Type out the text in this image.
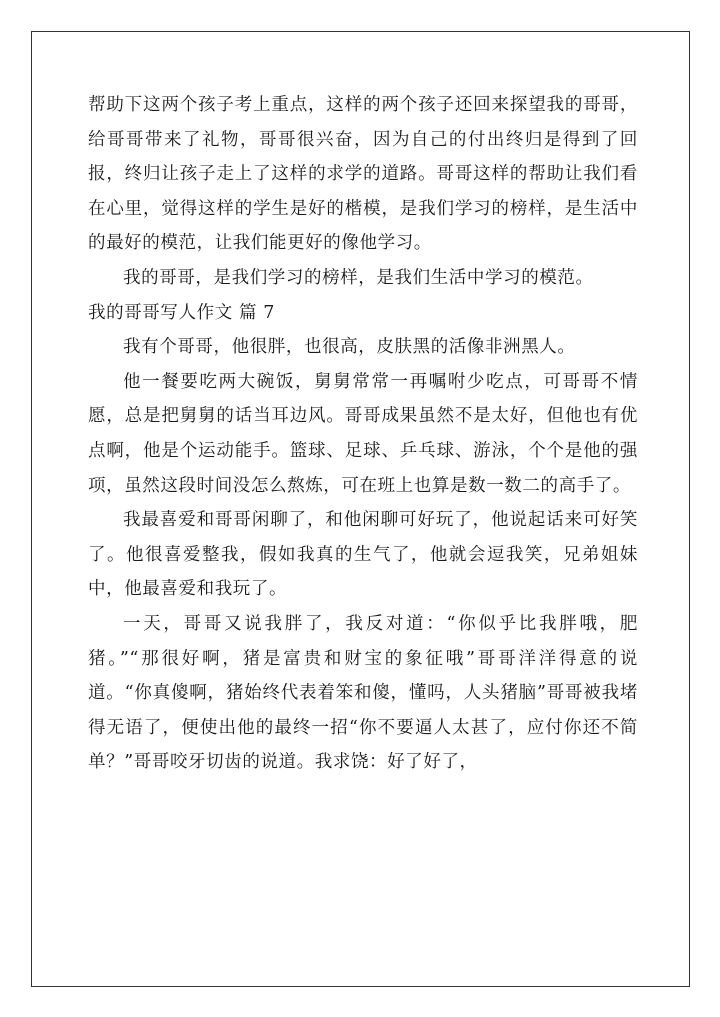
帮助下这两个孩子考上重点，这样的两个孩子还回来探望我的哥哥，给哥哥带来了礼物，哥哥很兴奋，因为自己的付出终归是得到了回报，终归让孩子走上了这样的求学的道路。哥哥这样的帮助让我们看在心里，觉得这样的学生是好的楷模，是我们学习的榜样，是生活中的最好的模范，让我们能更好的像他学习。

我的哥哥，是我们学习的榜样，是我们生活中学习的模范。

我的哥哥写人作文 篇 7

我有个哥哥，他很胖，也很高，皮肤黑的活像非洲黑人。

他一餐要吃两大碗饭，舅舅常常一再嘱咐少吃点，可哥哥不情愿，总是把舅舅的话当耳边风。哥哥成果虽然不是太好，但他也有优点啊，他是个运动能手。篮球、足球、乒乓球、游泳，个个是他的强项，虽然这段时间没怎么熬炼，可在班上也算是数一数二的高手了。

我最喜爱和哥哥闲聊了，和他闲聊可好玩了，他说起话来可好笑了。他很喜爱整我，假如我真的生气了，他就会逗我笑，兄弟姐妹中，他最喜爱和我玩了。

一天，哥哥又说我胖了，我反对道：“你似乎比我胖哦，肥猪。”“那很好啊，猪是富贵和财宝的象征哦”哥哥洋洋得意的说道。“你真傻啊，猪始终代表着笨和傻，懂吗，人头猪脑”哥哥被我堵得无语了，便使出他的最终一招“你不要逼人太甚了，应付你还不简单？”哥哥咬牙切齿的说道。我求饶：好了好了，
